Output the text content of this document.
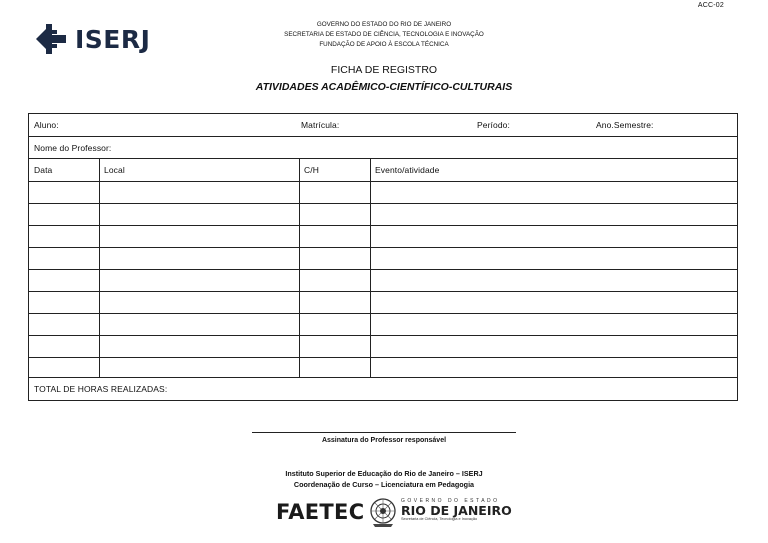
ACC-02
ISERJ	GOVERNO DO ESTADO DO RIO DE JANEIRO
SECRETARIA DE ESTADO DE CIÊNCIA, TECNOLOGIA E INOVAÇÃO
FUNDAÇÃO DE APOIO À ESCOLA TÉCNICA
FICHA DE REGISTRO
ATIVIDADES ACADÊMICO-CIENTÍFICO-CULTURAIS
Aluno:	Matrícula:	Período:	Ano.Semestre:
Nome do Professor:
Data	Local	C/H	Evento/atividade
TOTAL DE HORAS REALIZADAS:
Assinatura do Professor responsável
Instituto Superior de Educação do Rio de Janeiro – ISERJ
Coordenação de Curso – Licenciatura em Pedagogia
FAETEC	GOVERNO DO ESTADO
RIO DE JANEIRO
Secretaria de Ciência, Tecnologia e Inovação
